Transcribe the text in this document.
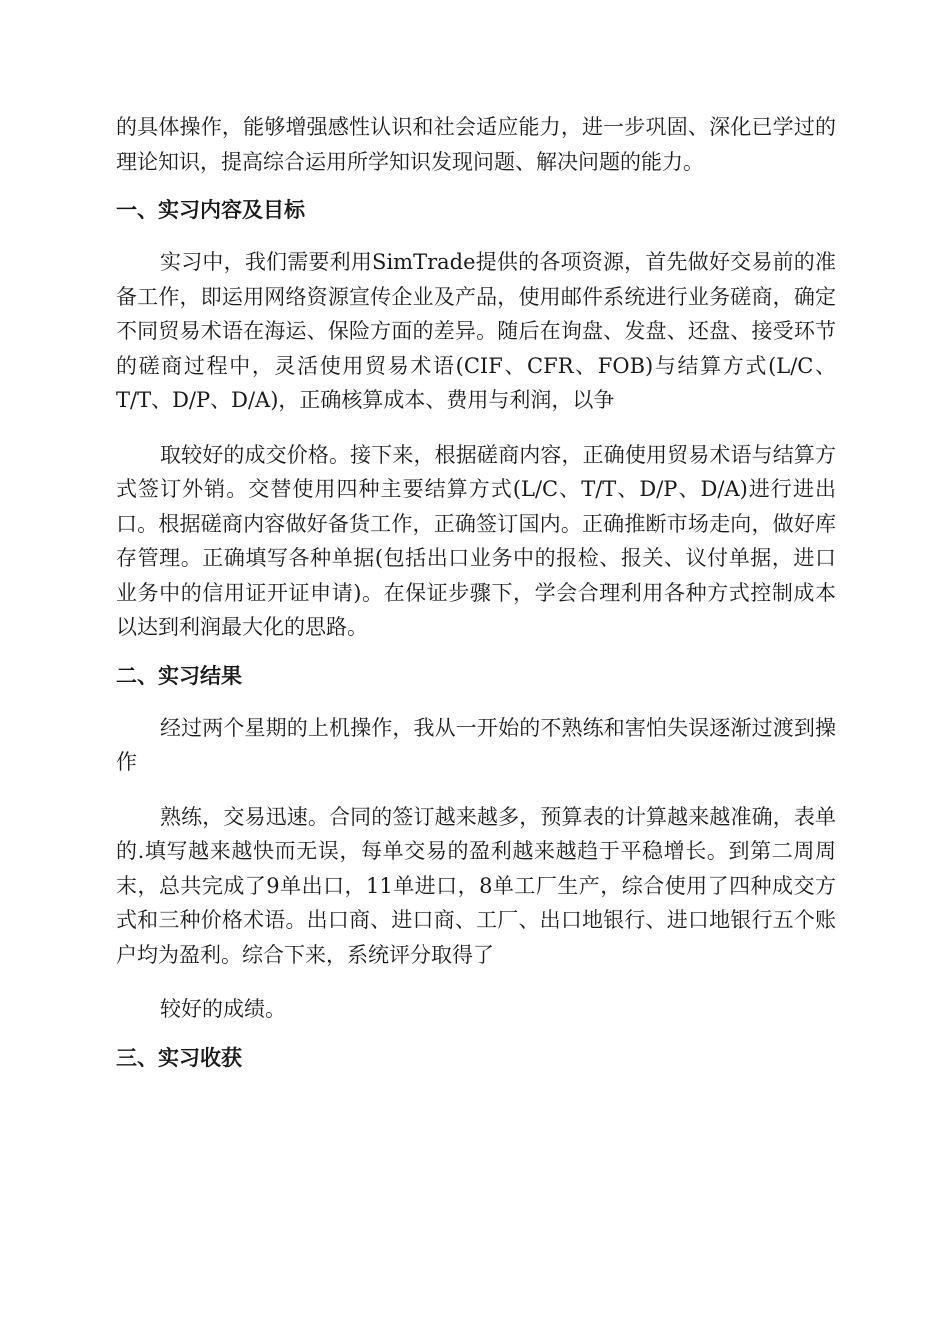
的具体操作，能够增强感性认识和社会适应能力，进一步巩固、深化已学过的理论知识，提高综合运用所学知识发现问题、解决问题的能力。

一、实习内容及目标

实习中，我们需要利用SimTrade提供的各项资源，首先做好交易前的准备工作，即运用网络资源宣传企业及产品，使用邮件系统进行业务磋商，确定不同贸易术语在海运、保险方面的差异。随后在询盘、发盘、还盘、接受环节的磋商过程中，灵活使用贸易术语(CIF、CFR、FOB)与结算方式(L/C、T/T、D/P、D/A)，正确核算成本、费用与利润，以争

取较好的成交价格。接下来，根据磋商内容，正确使用贸易术语与结算方式签订外销。交替使用四种主要结算方式(L/C、T/T、D/P、D/A)进行进出口。根据磋商内容做好备货工作，正确签订国内。正确推断市场走向，做好库存管理。正确填写各种单据(包括出口业务中的报检、报关、议付单据，进口业务中的信用证开证申请)。在保证步骤下，学会合理利用各种方式控制成本以达到利润最大化的思路。

二、实习结果

经过两个星期的上机操作，我从一开始的不熟练和害怕失误逐渐过渡到操作

熟练，交易迅速。合同的签订越来越多，预算表的计算越来越准确，表单的.填写越来越快而无误，每单交易的盈利越来越趋于平稳增长。到第二周周末，总共完成了9单出口，11单进口，8单工厂生产，综合使用了四种成交方式和三种价格术语。出口商、进口商、工厂、出口地银行、进口地银行五个账户均为盈利。综合下来，系统评分取得了

较好的成绩。

三、实习收获
